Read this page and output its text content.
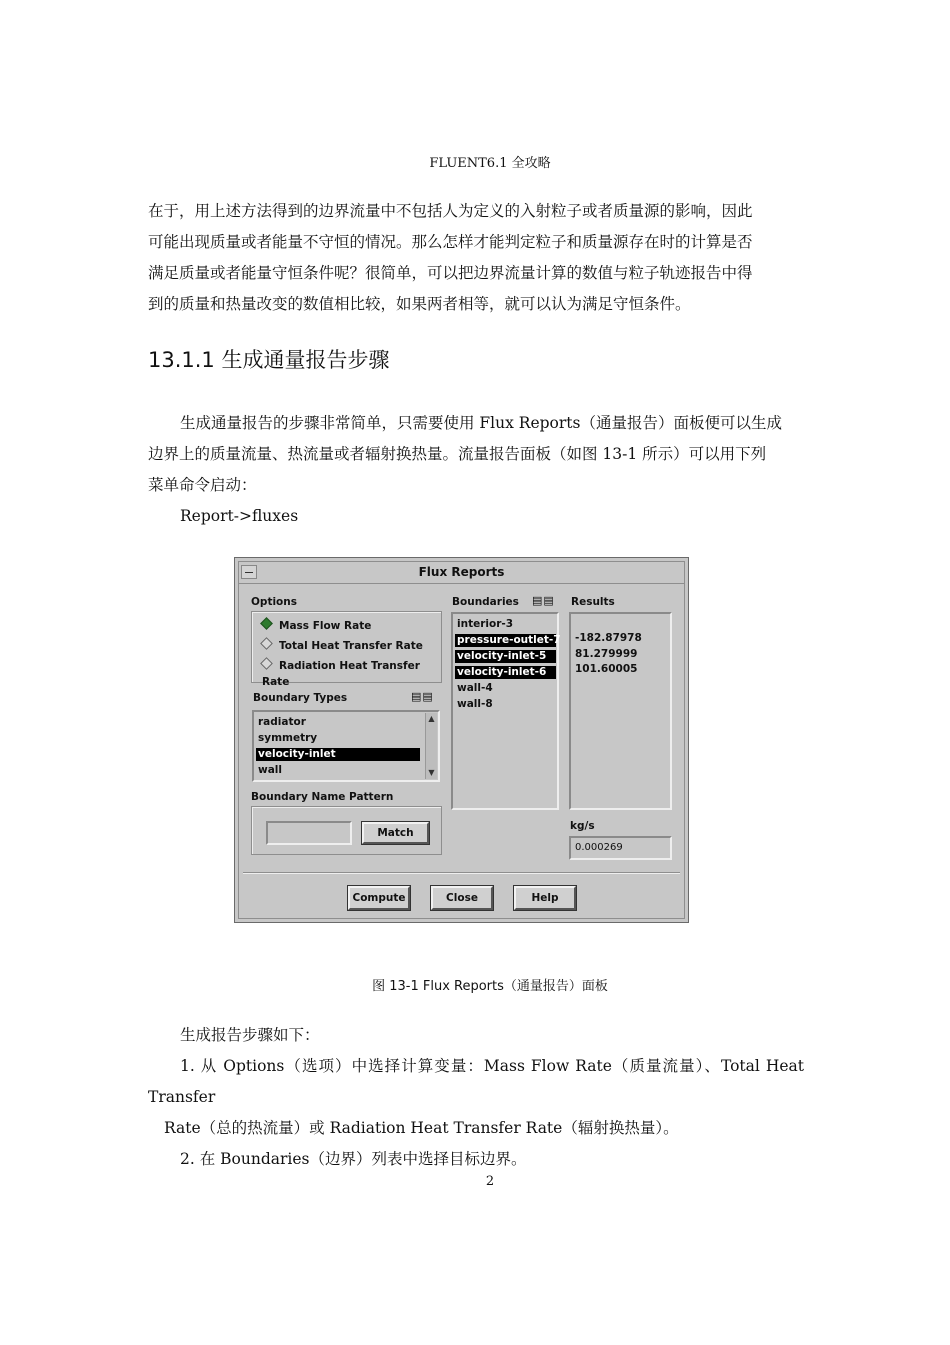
FLUENT6.1 全攻略
在于，用上述方法得到的边界流量中不包括人为定义的入射粒子或者质量源的影响，因此
可能出现质量或者能量不守恒的情况。那么怎样才能判定粒子和质量源存在时的计算是否
满足质量或者能量守恒条件呢？很简单，可以把边界流量计算的数值与粒子轨迹报告中得
到的质量和热量改变的数值相比较，如果两者相等，就可以认为满足守恒条件。
13.1.1 生成通量报告步骤
生成通量报告的步骤非常简单，只需要使用 Flux Reports（通量报告）面板便可以生成
边界上的质量流量、热流量或者辐射换热量。流量报告面板（如图 13-1 所示）可以用下列
菜单命令启动：
Report->fluxes
Flux Reports
Options
Mass Flow Rate
Total Heat Transfer Rate
Radiation Heat Transfer Rate
Boundary Types	▤▤
radiator
symmetry
velocity-inlet
wall
▲
▼
Boundary Name Pattern
Match
Boundaries ▤▤
interior-3
pressure-outlet-7
velocity-inlet-5
velocity-inlet-6
wall-4
wall-8
Results
-182.87978
81.279999
101.60005
kg/s
0.000269
Compute	Close	Help
图 13-1 Flux Reports（通量报告）面板
生成报告步骤如下：
1. 从 Options（选项）中选择计算变量：Mass Flow Rate（质量流量）、Total Heat Transfer
Rate（总的热流量）或 Radiation Heat Transfer Rate（辐射换热量）。
2. 在 Boundaries（边界）列表中选择目标边界。
2
